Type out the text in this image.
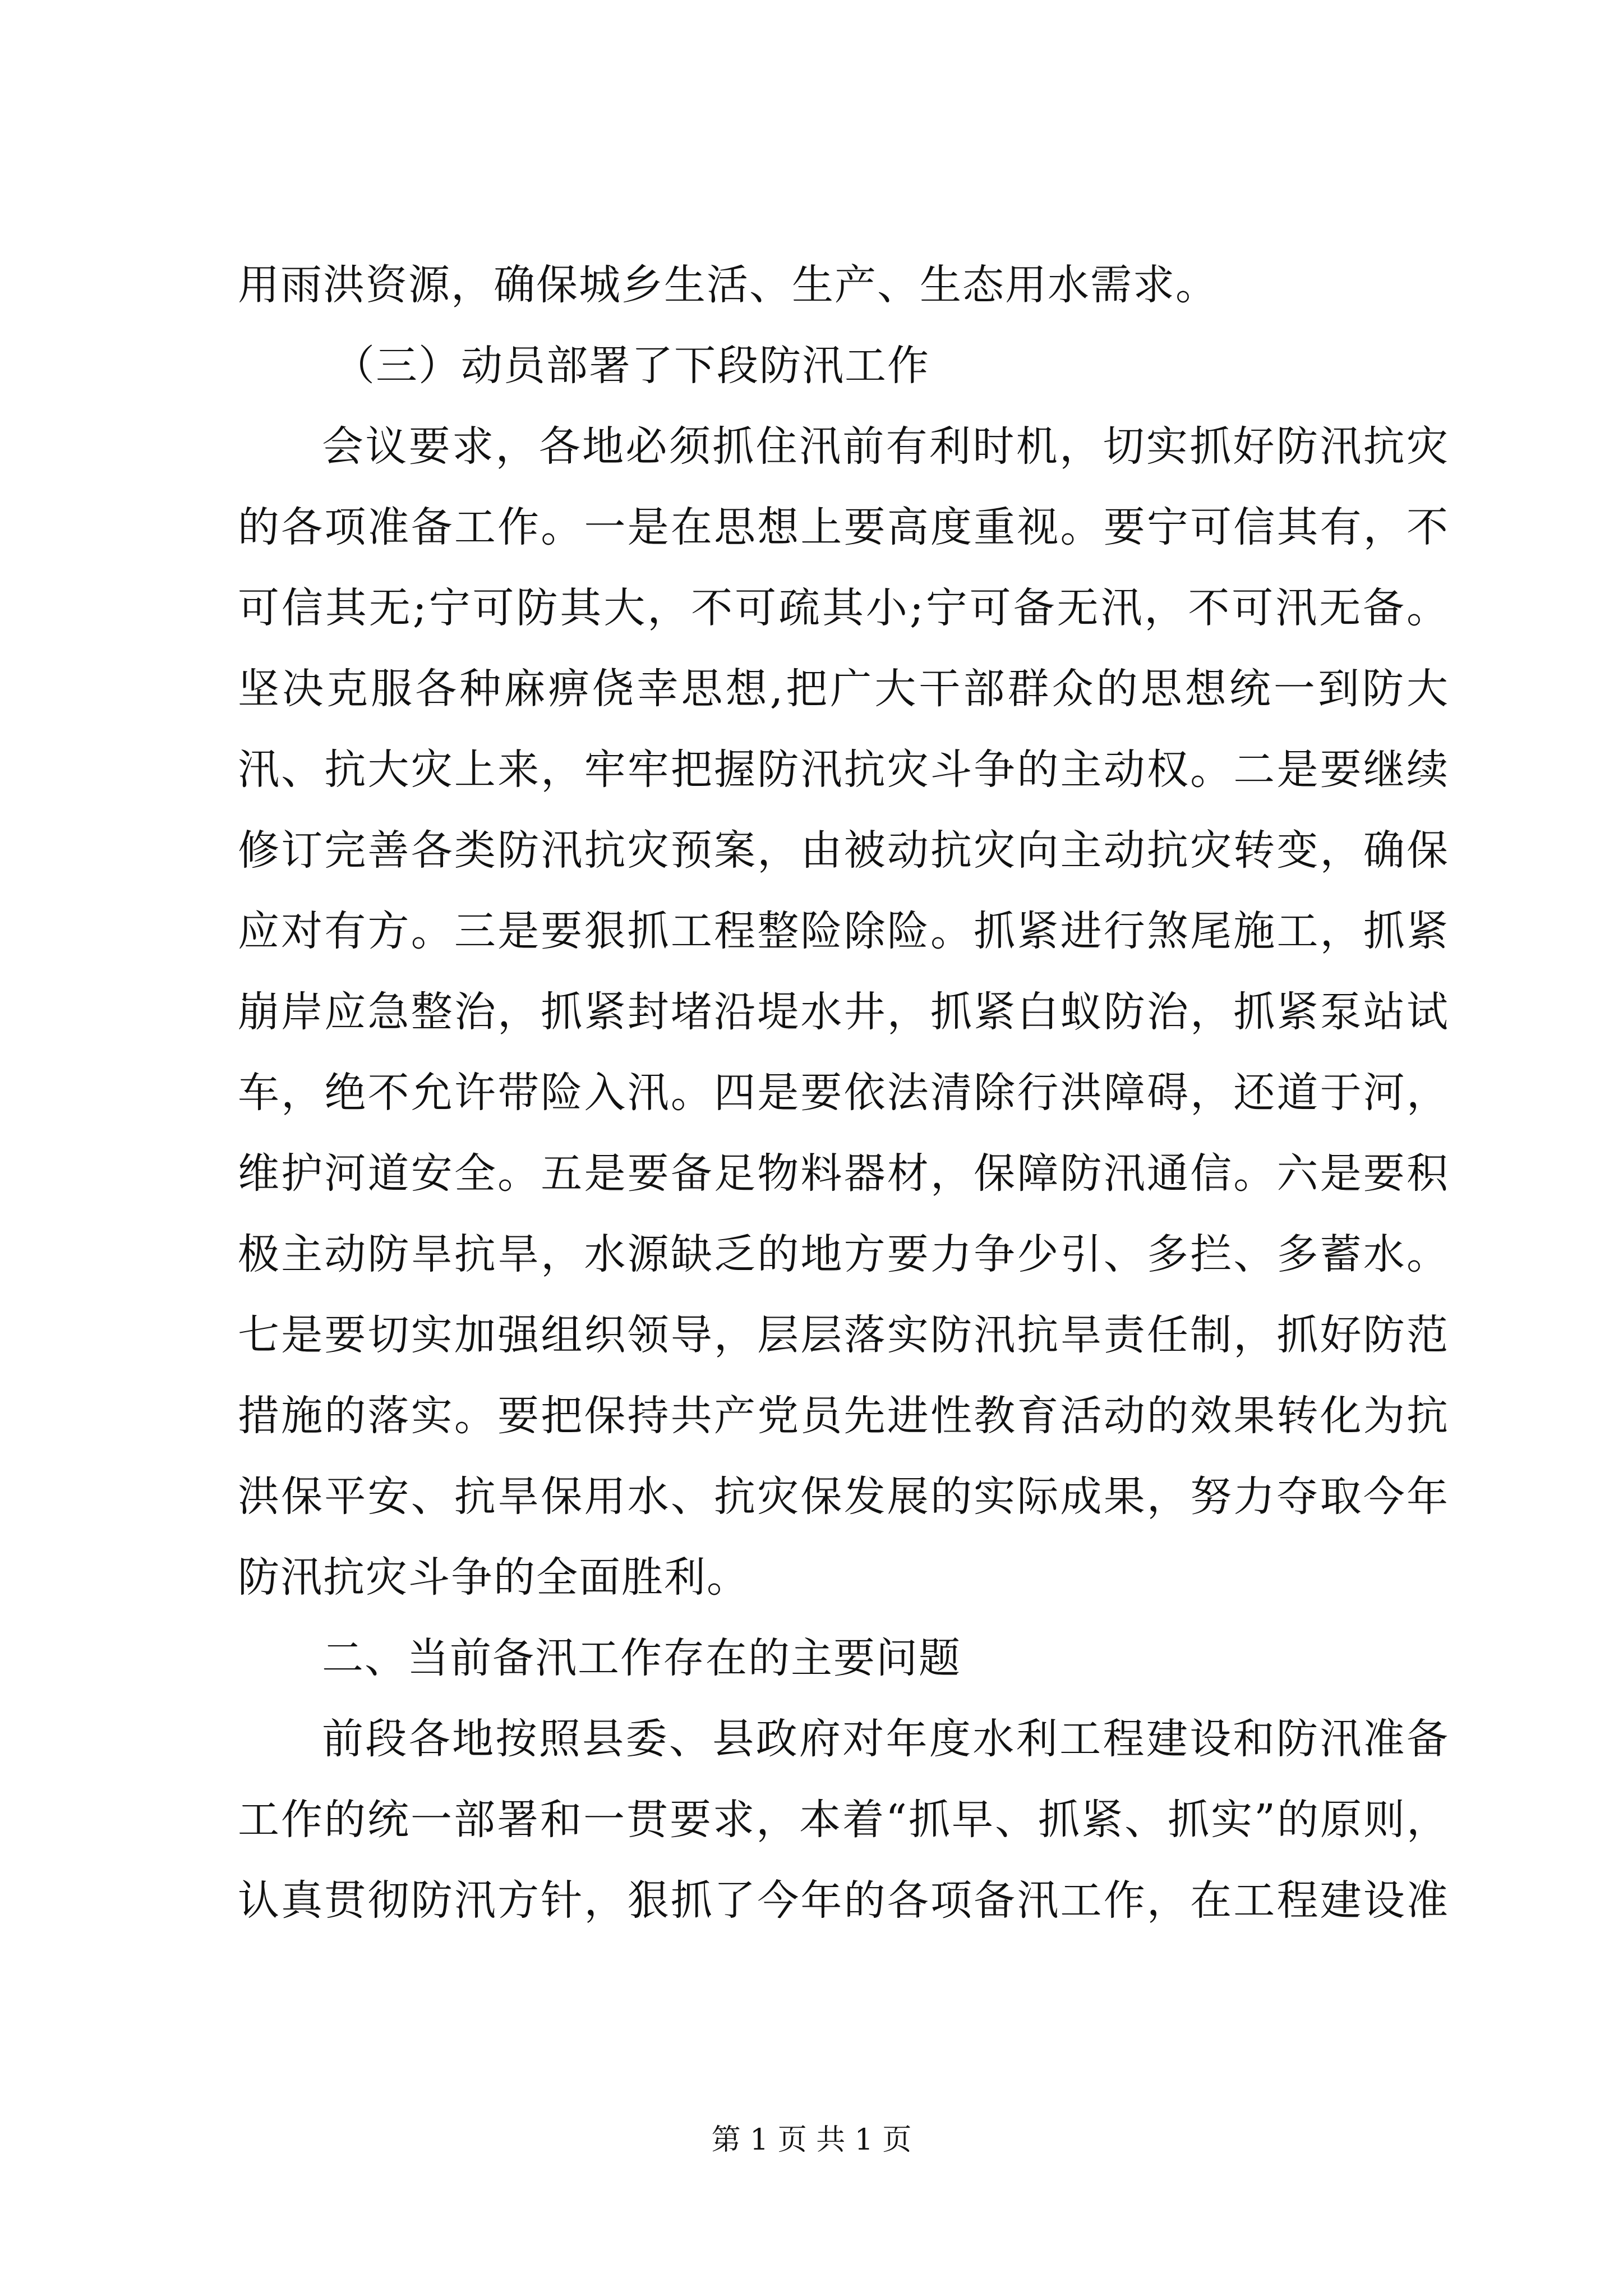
用雨洪资源，确保城乡生活、生产、生态用水需求。
（三）动员部署了下段防汛工作
会议要求，各地必须抓住汛前有利时机，切实抓好防汛抗灾
的各项准备工作。一是在思想上要高度重视。要宁可信其有，不
可信其无;宁可防其大，不可疏其小;宁可备无汛，不可汛无备。
坚决克服各种麻痹侥幸思想,把广大干部群众的思想统一到防大
汛、抗大灾上来，牢牢把握防汛抗灾斗争的主动权。二是要继续
修订完善各类防汛抗灾预案，由被动抗灾向主动抗灾转变，确保
应对有方。三是要狠抓工程整险除险。抓紧进行煞尾施工，抓紧
崩岸应急整治，抓紧封堵沿堤水井，抓紧白蚁防治，抓紧泵站试
车，绝不允许带险入汛。四是要依法清除行洪障碍，还道于河，
维护河道安全。五是要备足物料器材，保障防汛通信。六是要积
极主动防旱抗旱，水源缺乏的地方要力争少引、多拦、多蓄水。
七是要切实加强组织领导，层层落实防汛抗旱责任制，抓好防范
措施的落实。要把保持共产党员先进性教育活动的效果转化为抗
洪保平安、抗旱保用水、抗灾保发展的实际成果，努力夺取今年
防汛抗灾斗争的全面胜利。
二、当前备汛工作存在的主要问题
前段各地按照县委、县政府对年度水利工程建设和防汛准备
工作的统一部署和一贯要求，本着“抓早、抓紧、抓实”的原则，
认真贯彻防汛方针，狠抓了今年的各项备汛工作，在工程建设准
第 1 页 共 1 页
